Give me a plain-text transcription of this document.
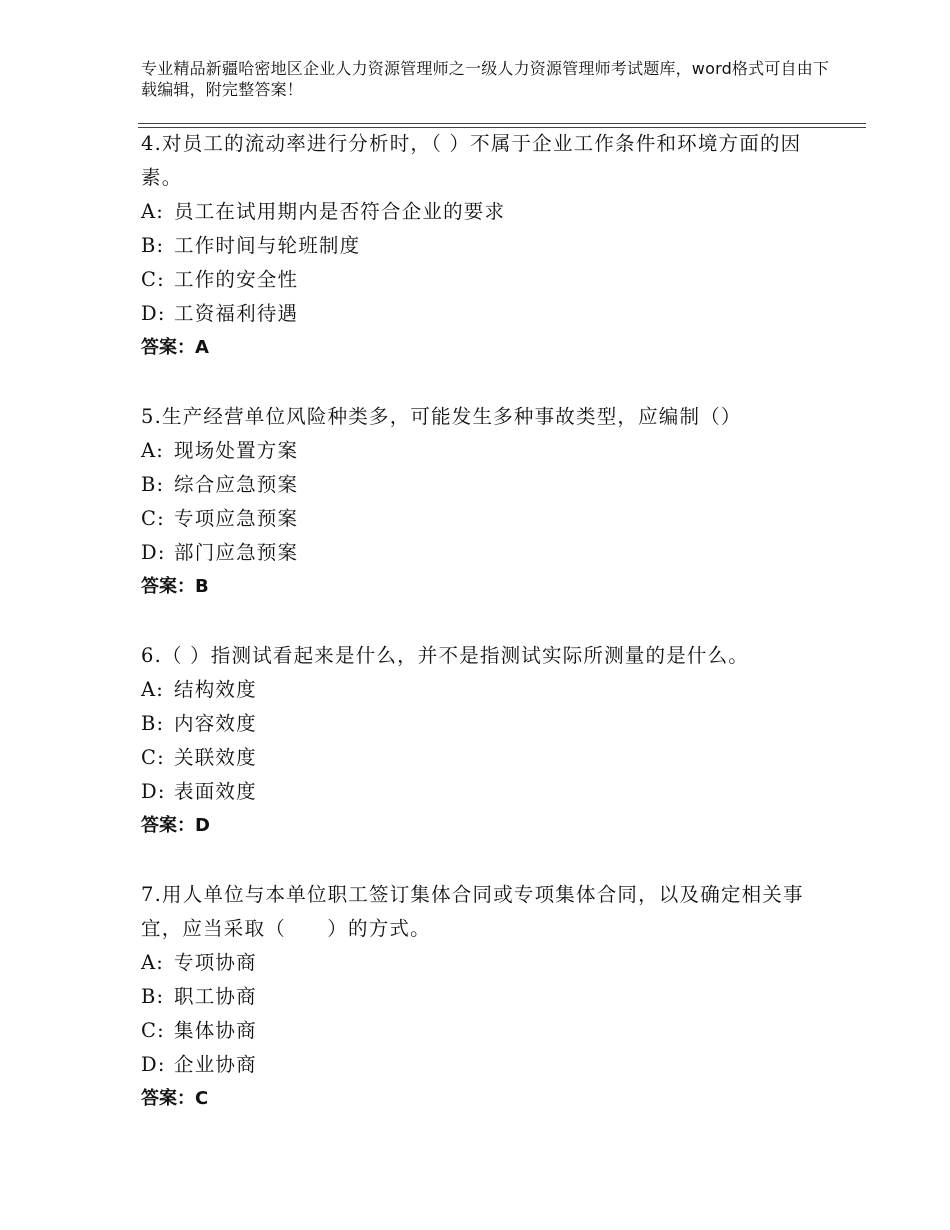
专业精品新疆哈密地区企业人力资源管理师之一级人力资源管理师考试题库，word格式可自由下载编辑，附完整答案！

4.对员工的流动率进行分析时，（ ）不属于企业工作条件和环境方面的因素。

A: 员工在试用期内是否符合企业的要求

B: 工作时间与轮班制度

C: 工作的安全性

D: 工资福利待遇

答案：A

5.生产经营单位风险种类多，可能发生多种事故类型，应编制（）

A: 现场处置方案

B: 综合应急预案

C: 专项应急预案

D: 部门应急预案

答案：B

6.（ ）指测试看起来是什么，并不是指测试实际所测量的是什么。

A: 结构效度

B: 内容效度

C: 关联效度

D: 表面效度

答案：D

7.用人单位与本单位职工签订集体合同或专项集体合同，以及确定相关事宜，应当采取（　　）的方式。

A: 专项协商

B: 职工协商

C: 集体协商

D: 企业协商

答案：C
